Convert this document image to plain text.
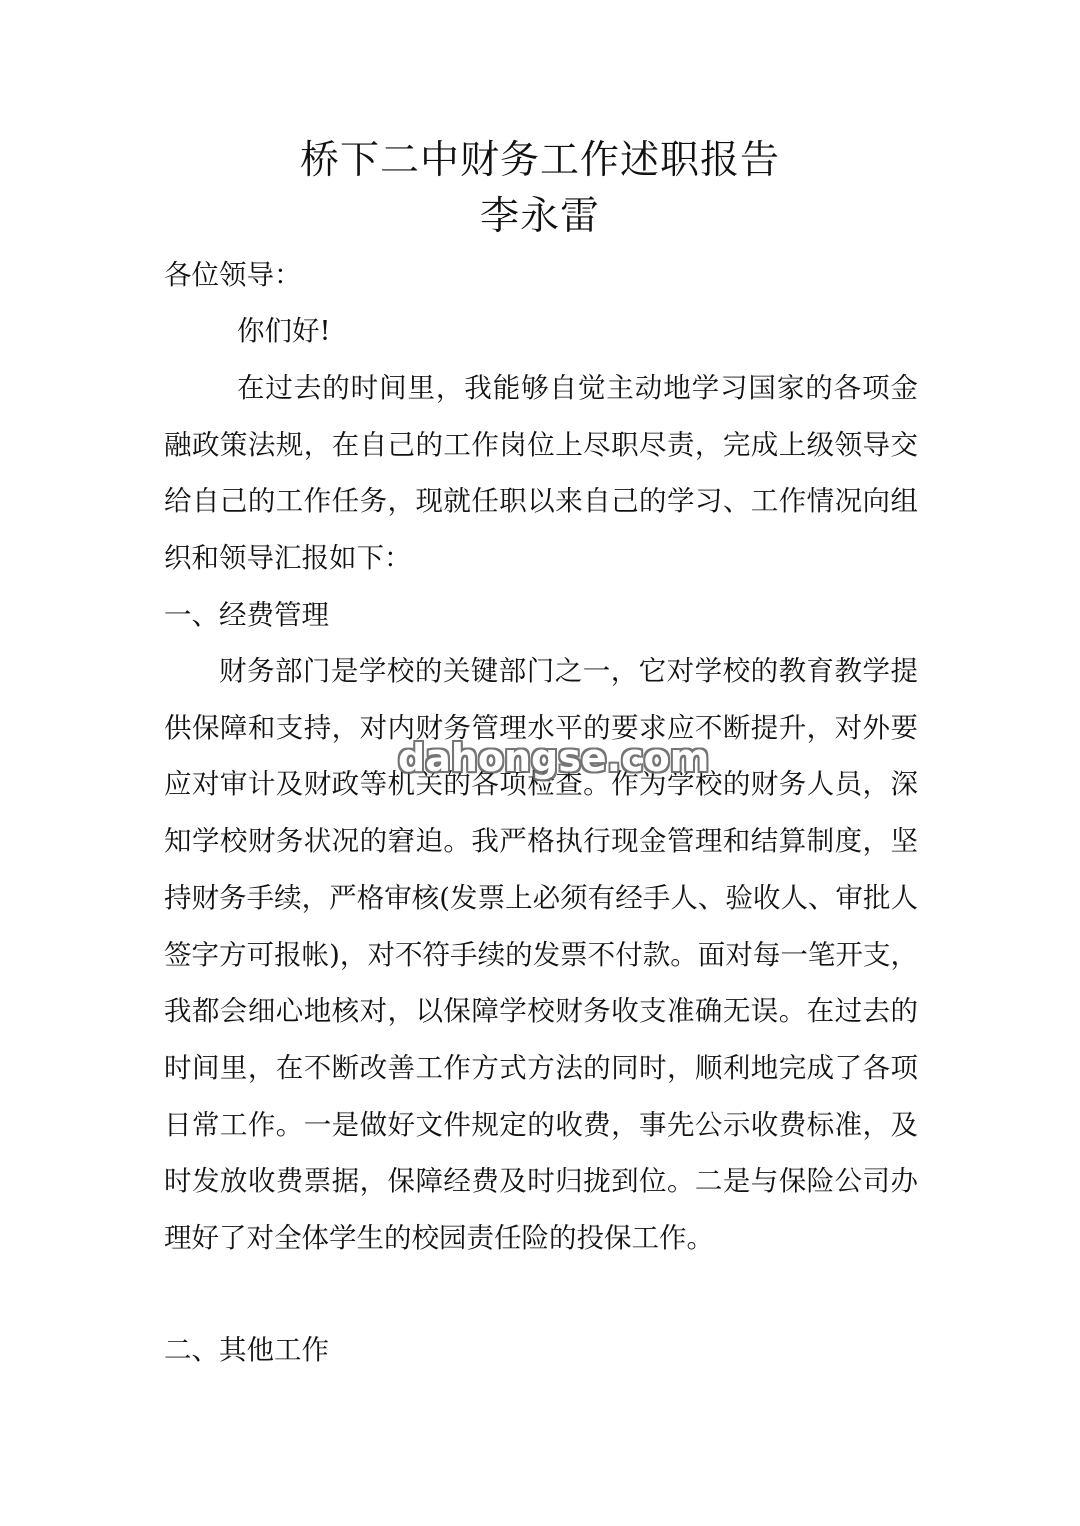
桥下二中财务工作述职报告
李永雷

各位领导：

你们好!

在过去的时间里，我能够自觉主动地学习国家的各项金融政策法规，在自己的工作岗位上尽职尽责，完成上级领导交给自己的工作任务，现就任职以来自己的学习、工作情况向组织和领导汇报如下：

一、经费管理

财务部门是学校的关键部门之一，它对学校的教育教学提供保障和支持，对内财务管理水平的要求应不断提升，对外要应对审计及财政等机关的各项检查。作为学校的财务人员，深知学校财务状况的窘迫。我严格执行现金管理和结算制度，坚持财务手续，严格审核(发票上必须有经手人、验收人、审批人签字方可报帐)，对不符手续的发票不付款。面对每一笔开支，我都会细心地核对，以保障学校财务收支准确无误。在过去的时间里，在不断改善工作方式方法的同时，顺利地完成了各项日常工作。一是做好文件规定的收费，事先公示收费标准，及时发放收费票据，保障经费及时归拢到位。二是与保险公司办理好了对全体学生的校园责任险的投保工作。

二、其他工作

dahongse.com
